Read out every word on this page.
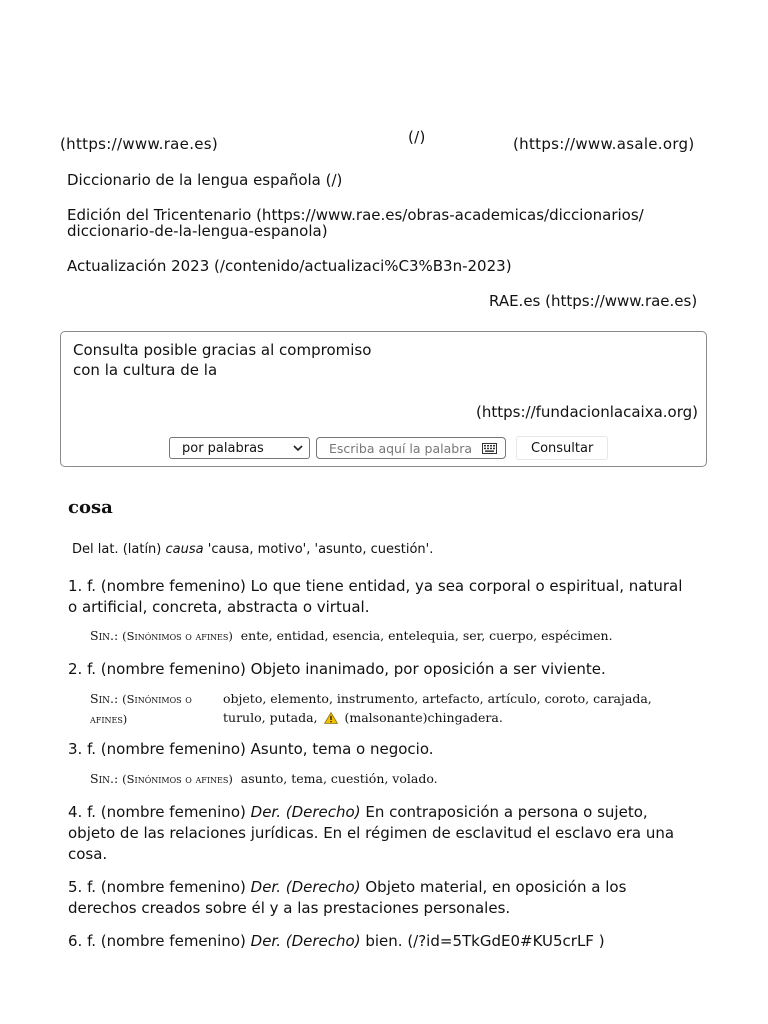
(https://www.rae.es)	(/)	(https://www.asale.org)
Diccionario de la lengua española (/)
Edición del Tricentenario (https://www.rae.es/obras-academicas/diccionarios/
diccionario-de-la-lengua-espanola)
Actualización 2023 (/contenido/actualizaci%C3%B3n-2023)
RAE.es (https://www.rae.es)
Consulta posible gracias al compromiso
con la cultura de la
(https://fundacionlacaixa.org)
por palabras	Escriba aquí la palabra	Consultar
cosa
Del lat. (latín) causa 'causa, motivo', 'asunto, cuestión'.
1. f. (nombre femenino) Lo que tiene entidad, ya sea corporal o espiritual, natural o artificial, concreta, abstracta o virtual.
Sin.: (Sinónimos o afines) ente, entidad, esencia, entelequia, ser, cuerpo, espécimen.
2. f. (nombre femenino) Objeto inanimado, por oposición a ser viviente.
Sin.: (Sinónimos o
afines)
objeto, elemento, instrumento, artefacto, artículo, coroto, carajada,
turulo, putada, (malsonante)chingadera.
3. f. (nombre femenino) Asunto, tema o negocio.
Sin.: (Sinónimos o afines) asunto, tema, cuestión, volado.
4. f. (nombre femenino) Der. (Derecho) En contraposición a persona o sujeto, objeto de las relaciones jurídicas. En el régimen de esclavitud el esclavo era una cosa.
5. f. (nombre femenino) Der. (Derecho) Objeto material, en oposición a los derechos creados sobre él y a las prestaciones personales.
6. f. (nombre femenino) Der. (Derecho) bien. (/?id=5TkGdE0#KU5crLF )
